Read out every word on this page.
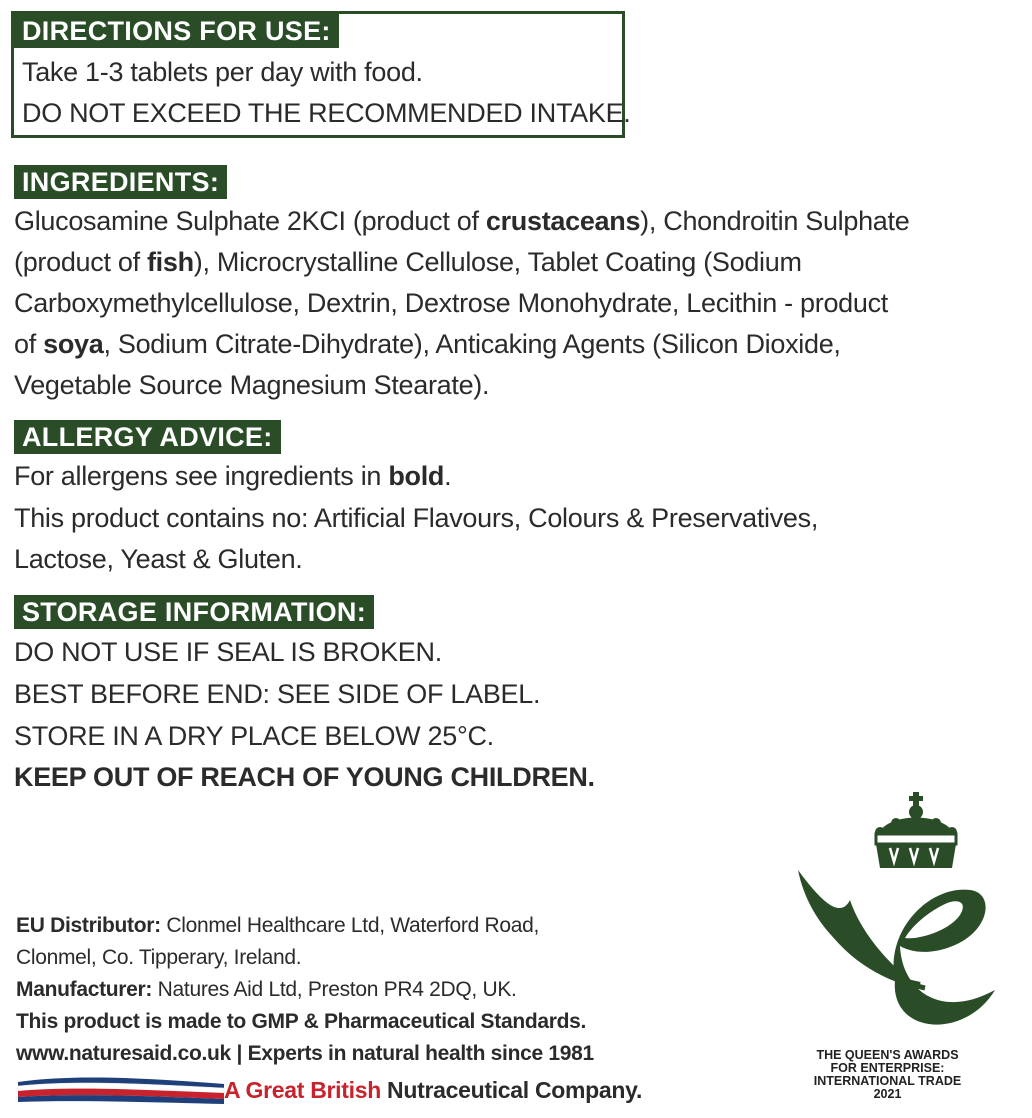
DIRECTIONS FOR USE:
Take 1-3 tablets per day with food.
DO NOT EXCEED THE RECOMMENDED INTAKE.
INGREDIENTS:
Glucosamine Sulphate 2KCI (product of crustaceans), Chondroitin Sulphate
(product of fish), Microcrystalline Cellulose, Tablet Coating (Sodium
Carboxymethylcellulose, Dextrin, Dextrose Monohydrate, Lecithin - product
of soya, Sodium Citrate-Dihydrate), Anticaking Agents (Silicon Dioxide,
Vegetable Source Magnesium Stearate).
ALLERGY ADVICE:
For allergens see ingredients in bold.
This product contains no: Artificial Flavours, Colours & Preservatives,
Lactose, Yeast & Gluten.
STORAGE INFORMATION:
DO NOT USE IF SEAL IS BROKEN.
BEST BEFORE END: SEE SIDE OF LABEL.
STORE IN A DRY PLACE BELOW 25°C.
KEEP OUT OF REACH OF YOUNG CHILDREN.
EU Distributor: Clonmel Healthcare Ltd, Waterford Road,
Clonmel, Co. Tipperary, Ireland.
Manufacturer: Natures Aid Ltd, Preston PR4 2DQ, UK.
This product is made to GMP & Pharmaceutical Standards.
www.naturesaid.co.uk | Experts in natural health since 1981
A Great British Nutraceutical Company.
THE QUEEN'S AWARDS
FOR ENTERPRISE:
INTERNATIONAL TRADE
2021
